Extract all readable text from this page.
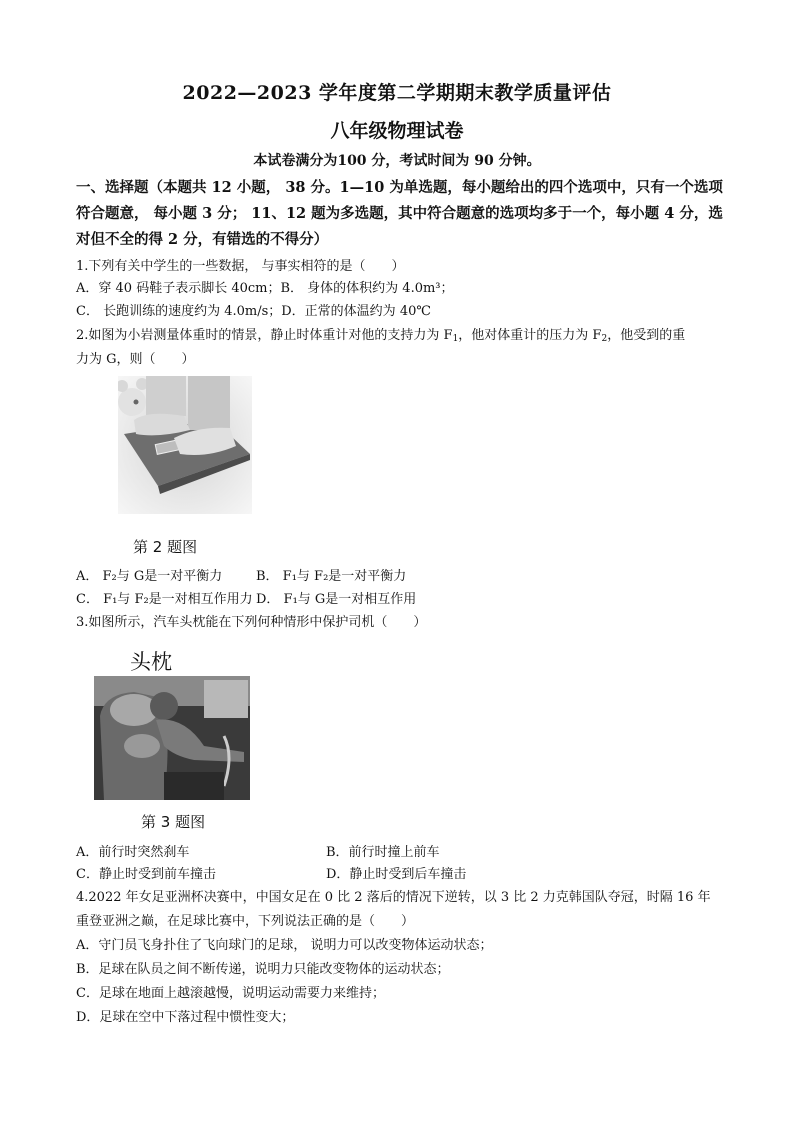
2022—2023 学年度第二学期期末教学质量评估
八年级物理试卷
本试卷满分为100 分，考试时间为 90 分钟。
一、选择题（本题共 12 小题， 38 分。1—10 为单选题，每小题给出的四个选项中，只有一个选项符合题意， 每小题 3 分； 11、12 题为多选题，其中符合题意的选项均多于一个，每小题 4 分，选对但不全的得 2 分，有错选的不得分）
1.下列有关中学生的一些数据， 与事实相符的是（　　）
A．穿 40 码鞋子表示脚长 40cm；B． 身体的体积约为 4.0m³；
C． 长跑训练的速度约为 4.0m/s；D．正常的体温约为 40℃
2.如图为小岩测量体重时的情景，静止时体重计对他的支持力为 $F_1$，他对体重计的压力为 $F_2$，他受到的重
力为 G，则（　　）
第 2 题图
A． F₂与 G是一对平衡力	B． F₁与 F₂是一对平衡力
C． F₁与 F₂是一对相互作用力 D． F₁与 G是一对相互作用
3.如图所示，汽车头枕能在下列何种情形中保护司机（　　）
头枕
第 3 题图
A．前行时突然刹车	B．前行时撞上前车
C．静止时受到前车撞击	D．静止时受到后车撞击
4.2022 年女足亚洲杯决赛中，中国女足在 0 比 2 落后的情况下逆转，以 3 比 2 力克韩国队夺冠，时隔 16 年重登亚洲之巅，在足球比赛中，下列说法正确的是（　　）
A．守门员飞身扑住了飞向球门的足球， 说明力可以改变物体运动状态；
B．足球在队员之间不断传递，说明力只能改变物体的运动状态；
C．足球在地面上越滚越慢，说明运动需要力来维持；
D．足球在空中下落过程中惯性变大；
